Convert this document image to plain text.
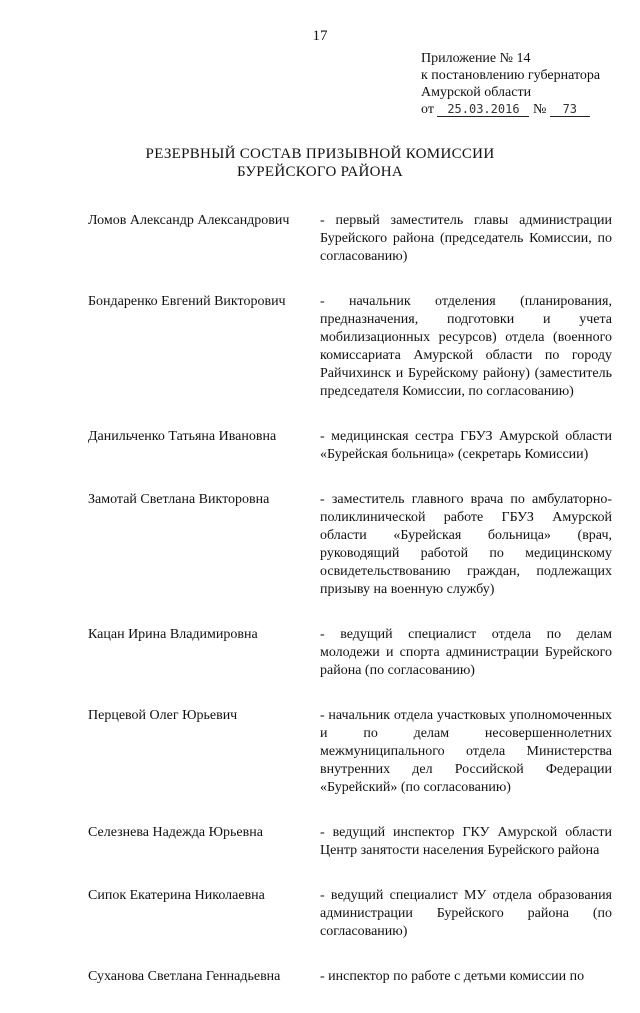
17
Приложение № 14
к постановлению губернатора
Амурской области
от 25.03.2016 № 73
РЕЗЕРВНЫЙ СОСТАВ ПРИЗЫВНОЙ КОМИССИИ
БУРЕЙСКОГО РАЙОНА
Ломов Александр Александрович	- первый заместитель главы администрации Бурейского района (председатель Комиссии, по согласованию)
Бондаренко Евгений Викторович	- начальник отделения (планирования, предназначения, подготовки и учета мобилизационных ресурсов) отдела (военного комиссариата Амурской области по городу Райчихинск и Бурейскому району) (заместитель председателя Комиссии, по согласованию)
Данильченко Татьяна Ивановна	- медицинская сестра ГБУЗ Амурской области «Бурейская больница» (секретарь Комиссии)
Замотай Светлана Викторовна	- заместитель главного врача по амбулаторно-поликлинической работе ГБУЗ Амурской области «Бурейская больница» (врач, руководящий работой по медицинскому освидетельствованию граждан, подлежащих призыву на военную службу)
Кацан Ирина Владимировна	- ведущий специалист отдела по делам молодежи и спорта администрации Бурейского района (по согласованию)
Перцевой Олег Юрьевич	- начальник отдела участковых уполномоченных и по делам несовершеннолетних межмуниципального отдела Министерства внутренних дел Российской Федерации «Бурейский» (по согласованию)
Селезнева Надежда Юрьевна	- ведущий инспектор ГКУ Амурской области Центр занятости населения Бурейского района
Сипок Екатерина Николаевна	- ведущий специалист МУ отдела образования администрации Бурейского района (по согласованию)
Суханова Светлана Геннадьевна	- инспектор по работе с детьми комиссии по
